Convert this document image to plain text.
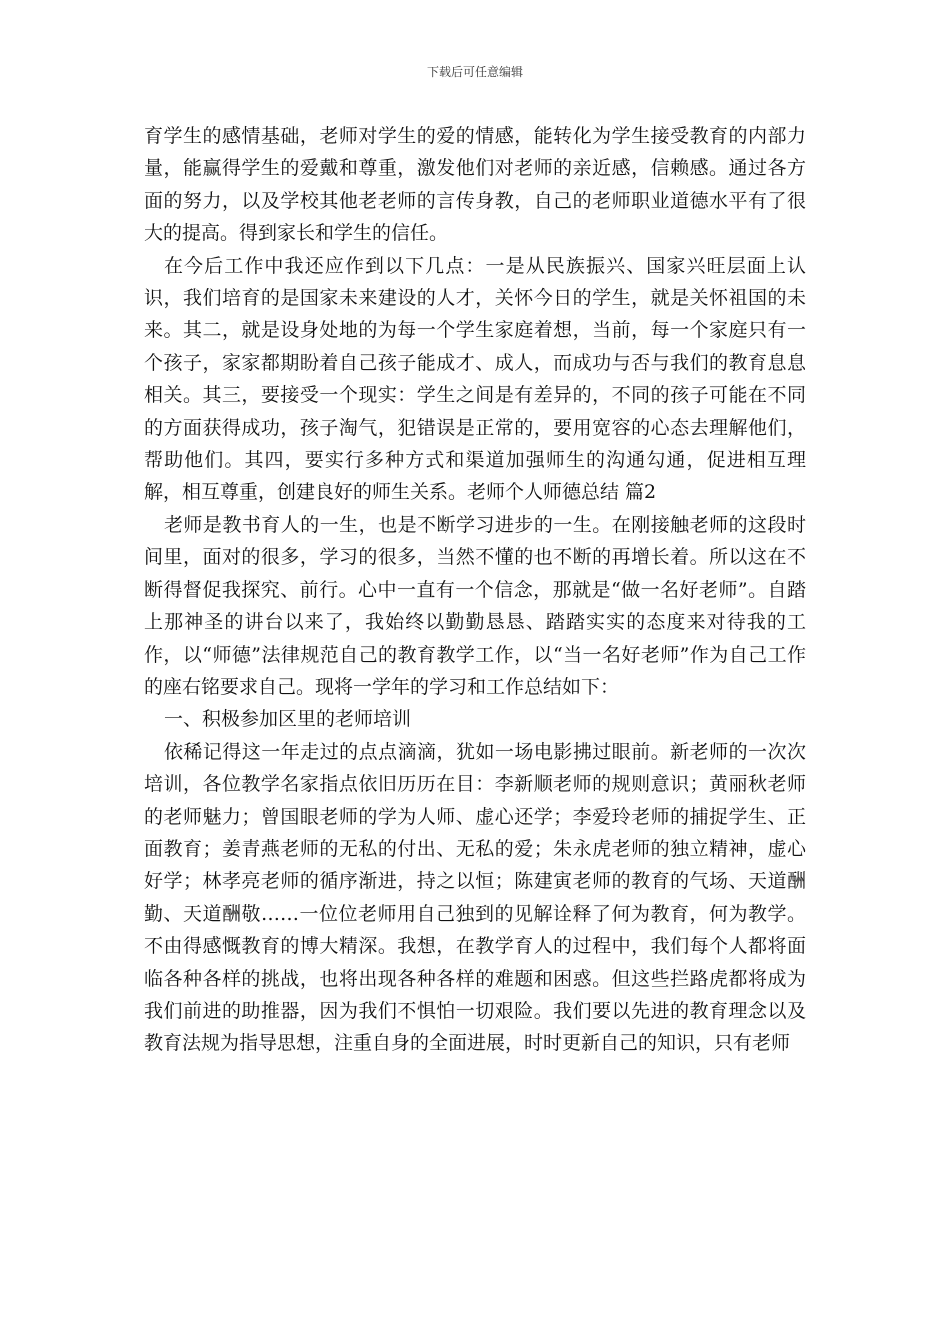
下载后可任意编辑

育学生的感情基础，老师对学生的爱的情感，能转化为学生接受教育的内部力量，能赢得学生的爱戴和尊重，激发他们对老师的亲近感，信赖感。通过各方面的努力，以及学校其他老老师的言传身教，自己的老师职业道德水平有了很大的提高。得到家长和学生的信任。

在今后工作中我还应作到以下几点：一是从民族振兴、国家兴旺层面上认识，我们培育的是国家未来建设的人才，关怀今日的学生，就是关怀祖国的未来。其二，就是设身处地的为每一个学生家庭着想，当前，每一个家庭只有一个孩子，家家都期盼着自己孩子能成才、成人，而成功与否与我们的教育息息相关。其三，要接受一个现实：学生之间是有差异的，不同的孩子可能在不同的方面获得成功，孩子淘气，犯错误是正常的，要用宽容的心态去理解他们，帮助他们。其四，要实行多种方式和渠道加强师生的沟通勾通，促进相互理解，相互尊重，创建良好的师生关系。老师个人师德总结 篇2

老师是教书育人的一生，也是不断学习进步的一生。在刚接触老师的这段时间里，面对的很多，学习的很多，当然不懂的也不断的再增长着。所以这在不断得督促我探究、前行。心中一直有一个信念，那就是“做一名好老师”。自踏上那神圣的讲台以来了，我始终以勤勤恳恳、踏踏实实的态度来对待我的工作，以“师德”法律规范自己的教育教学工作，以“当一名好老师”作为自己工作的座右铭要求自己。现将一学年的学习和工作总结如下：

一、积极参加区里的老师培训

依稀记得这一年走过的点点滴滴，犹如一场电影拂过眼前。新老师的一次次培训，各位教学名家指点依旧历历在目：李新顺老师的规则意识；黄丽秋老师的老师魅力；曾国眼老师的学为人师、虚心还学；李爱玲老师的捕捉学生、正面教育；姜青燕老师的无私的付出、无私的爱；朱永虎老师的独立精神，虚心好学；林孝亮老师的循序渐进，持之以恒；陈建寅老师的教育的气场、天道酬勤、天道酬敬……一位位老师用自己独到的见解诠释了何为教育，何为教学。不由得感慨教育的博大精深。我想，在教学育人的过程中，我们每个人都将面临各种各样的挑战，也将出现各种各样的难题和困惑。但这些拦路虎都将成为我们前进的助推器，因为我们不惧怕一切艰险。我们要以先进的教育理念以及教育法规为指导思想，注重自身的全面进展，时时更新自己的知识，只有老师
